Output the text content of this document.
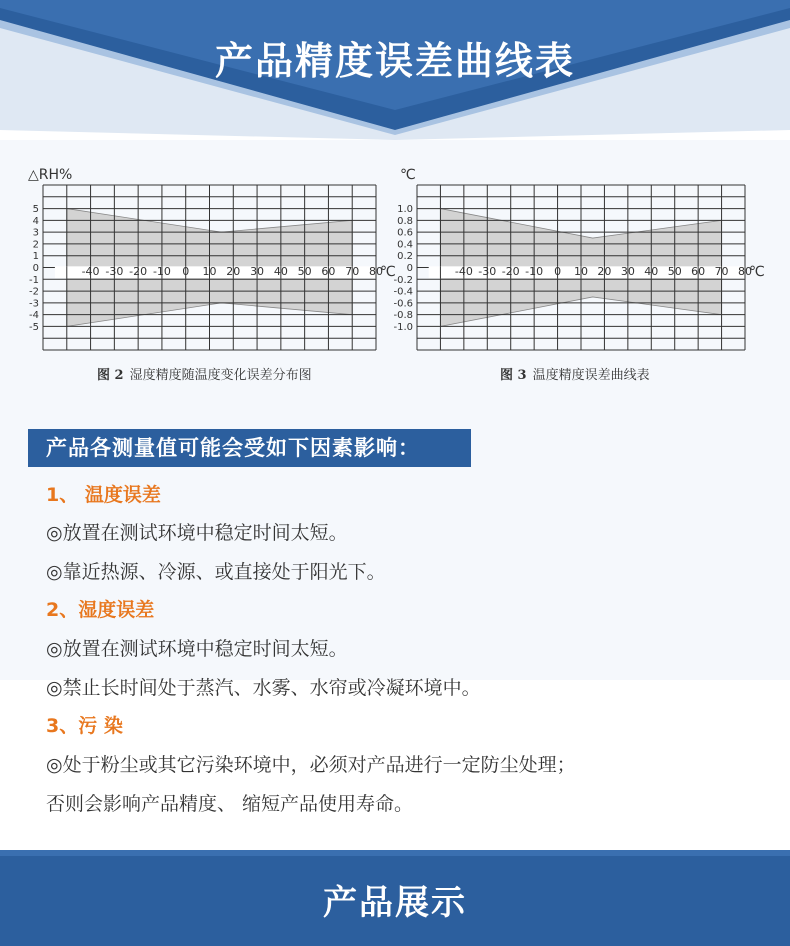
产品精度误差曲线表
5
4
3
2
1
0
-1
-2
-3
-4
-5
-40 -30 -20 -10 0 10 20 30 40 50 60 70 80
℃
△RH%
图 2 湿度精度随温度变化误差分布图
1.0
0.8
0.6
0.4
0.2
0
-0.2
-0.4
-0.6
-0.8
-1.0
-40 -30 -20 -10 0 10 20 30 40 50 60 70 80
℃
℃
图 3 温度精度误差曲线表
产品各测量值可能会受如下因素影响：
1、 温度误差
◎放置在测试环境中稳定时间太短。
◎靠近热源、冷源、或直接处于阳光下。
2、湿度误差
◎放置在测试环境中稳定时间太短。
◎禁止长时间处于蒸汽、水雾、水帘或冷凝环境中。
3、污 染
◎处于粉尘或其它污染环境中，必须对产品进行一定防尘处理；
否则会影响产品精度、 缩短产品使用寿命。
产品展示
